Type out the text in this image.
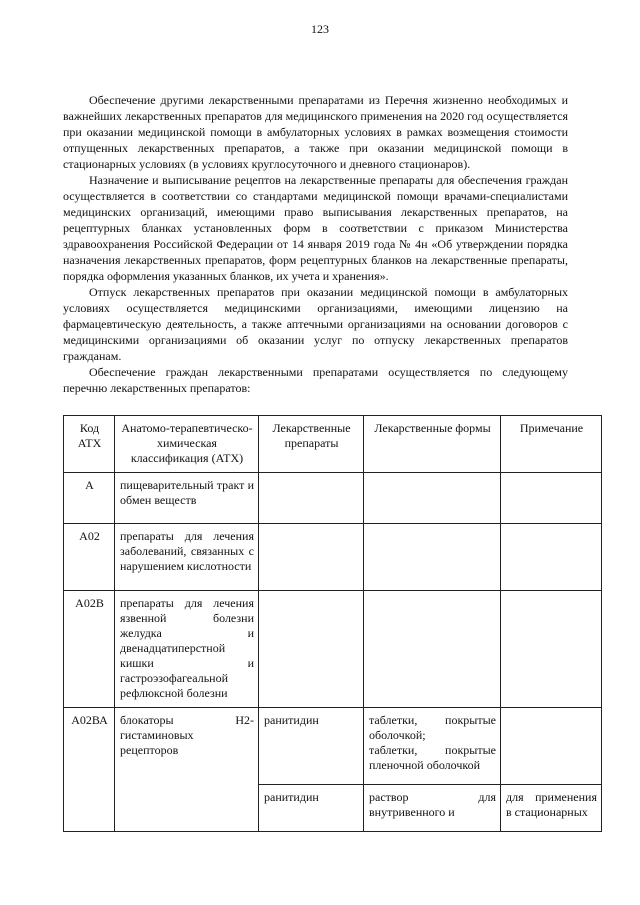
123

Обеспечение другими лекарственными препаратами из Перечня жизненно необходимых и важнейших лекарственных препаратов для медицинского применения на 2020 год осуществляется при оказании медицинской помощи в амбулаторных условиях в рамках возмещения стоимости отпущенных лекарственных препаратов, а также при оказании медицинской помощи в стационарных условиях (в условиях круглосуточного и дневного стационаров).

Назначение и выписывание рецептов на лекарственные препараты для обеспечения граждан осуществляется в соответствии со стандартами медицинской помощи врачами-специалистами медицинских организаций, имеющими право выписывания лекарственных препаратов, на рецептурных бланках установленных форм в соответствии с приказом Министерства здравоохранения Российской Федерации от 14 января 2019 года № 4н «Об утверждении порядка назначения лекарственных препаратов, форм рецептурных бланков на лекарственные препараты, порядка оформления указанных бланков, их учета и хранения».

Отпуск лекарственных препаратов при оказании медицинской помощи в амбулаторных условиях осуществляется медицинскими организациями, имеющими лицензию на фармацевтическую деятельность, а также аптечными организациями на основании договоров с медицинскими организациями об оказании услуг по отпуску лекарственных препаратов гражданам.

Обеспечение граждан лекарственными препаратами осуществляется по следующему перечню лекарственных препаратов:

Код АТХ	Анатомо-терапевтическо-химическая классификация (АТХ)	Лекарственные препараты	Лекарственные формы	Примечание
А	пищеварительный тракт и обмен веществ			
А02	препараты для лечения заболеваний, связанных с нарушением кислотности			
А02В	препараты для лечения язвенной болезни желудка и двенадцатиперстной кишки и гастроэзофагеальной рефлюксной болезни			
А02ВА	блокаторы Н2-гистаминовых рецепторов	ранитидин	таблетки, покрытые оболочкой;
таблетки, покрытые пленочной оболочкой	

		ранитидин	раствор для внутривенного и	для применения в стационарных
